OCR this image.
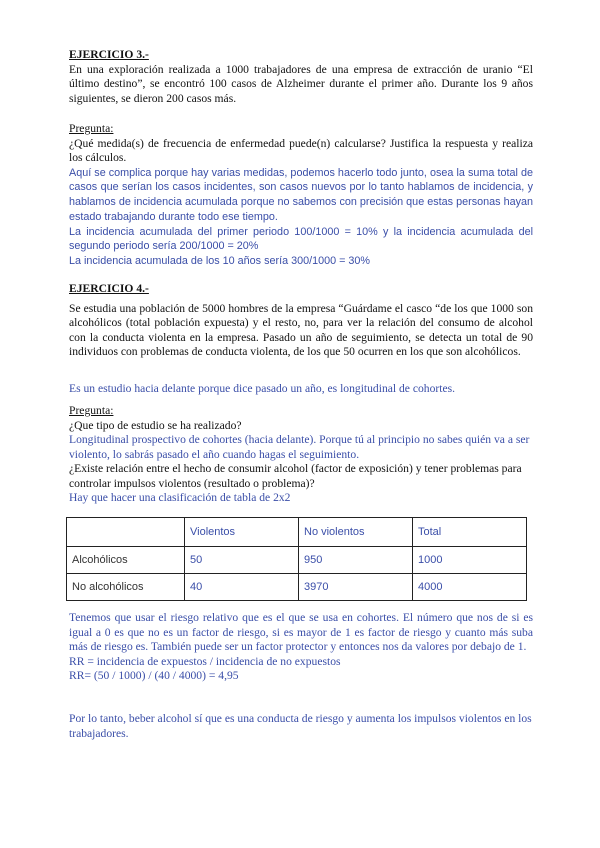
EJERCICIO 3.-

En una exploración realizada a 1000 trabajadores de una empresa de extracción de uranio “El último destino”, se encontró 100 casos de Alzheimer durante el primer año. Durante los 9 años siguientes, se dieron 200 casos más.

Pregunta:

¿Qué medida(s) de frecuencia de enfermedad puede(n) calcularse? Justifica la respuesta y realiza los cálculos.

Aquí se complica porque hay varias medidas, podemos hacerlo todo junto, osea la suma total de casos que serían los casos incidentes, son casos nuevos por lo tanto hablamos de incidencia, y hablamos de incidencia acumulada porque no sabemos con precisión que estas personas hayan estado trabajando durante todo ese tiempo.

La incidencia acumulada del primer periodo 100/1000 = 10% y la incidencia acumulada del segundo periodo sería 200/1000 = 20%

La incidencia acumulada de los 10 años sería 300/1000 = 30%

EJERCICIO 4.-

Se estudia una población de 5000 hombres de la empresa “Guárdame el casco “de los que 1000 son alcohólicos (total población expuesta) y el resto, no, para ver la relación del consumo de alcohol con la conducta violenta en la empresa. Pasado un año de seguimiento, se detecta un total de 90 individuos con problemas de conducta violenta, de los que 50 ocurren en los que son alcohólicos.

Es un estudio hacia delante porque dice pasado un año, es longitudinal de cohortes.

Pregunta:

¿Que tipo de estudio se ha realizado?

Longitudinal prospectivo de cohortes (hacia delante). Porque tú al principio no sabes quién va a ser violento, lo sabrás pasado el año cuando hagas el seguimiento.

¿Existe relación entre el hecho de consumir alcohol (factor de exposición) y tener problemas para controlar impulsos violentos (resultado o problema)?

Hay que hacer una clasificación de tabla de 2x2

	Violentos	No violentos	Total
Alcohólicos	50	950	1000
No alcohólicos	40	3970	4000

Tenemos que usar el riesgo relativo que es el que se usa en cohortes. El número que nos de si es igual a 0 es que no es un factor de riesgo, si es mayor de 1 es factor de riesgo y cuanto más suba más de riesgo es. También puede ser un factor protector y entonces nos da valores por debajo de 1.

RR = incidencia de expuestos / incidencia de no expuestos

RR= (50 / 1000) / (40 / 4000) = 4,95

Por lo tanto, beber alcohol sí que es una conducta de riesgo y aumenta los impulsos violentos en los trabajadores.
